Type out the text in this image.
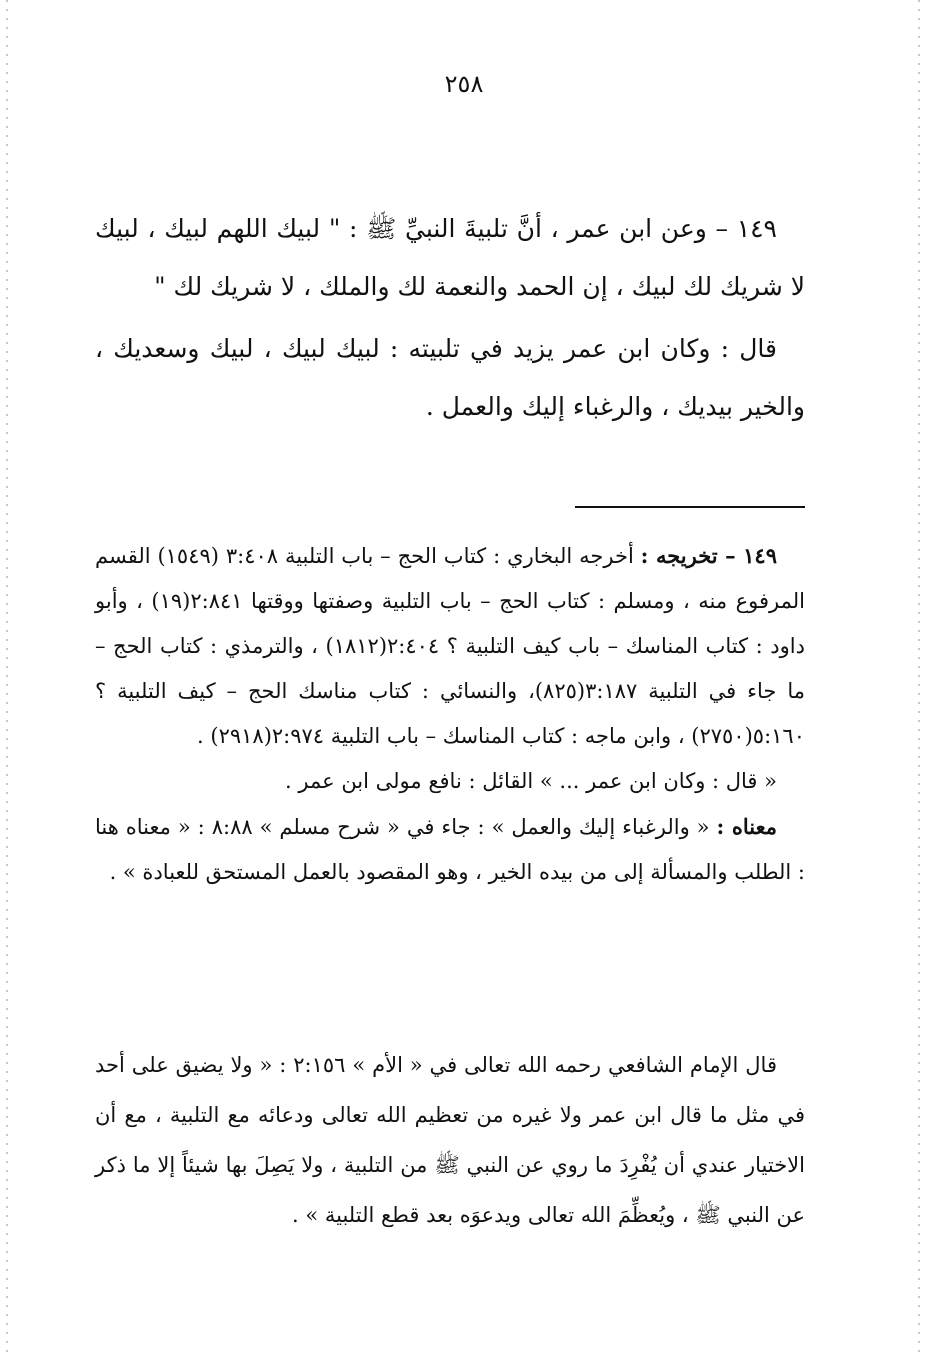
٢٥٨

١٤٩ – وعن ابن عمر ، أنَّ تلبيةَ النبيِّ ﷺ : " لبيك اللهم لبيك ، لبيك لا شريك لك لبيك ، إن الحمد والنعمة لك والملك ، لا شريك لك "

قال : وكان ابن عمر يزيد في تلبيته : لبيك لبيك ، لبيك وسعديك ، والخير بيديك ، والرغباء إليك والعمل .

١٤٩ – تخريجه : أخرجه البخاري : كتاب الحج – باب التلبية ٣:٤٠٨ (١٥٤٩) القسم المرفوع منه ، ومسلم : كتاب الحج – باب التلبية وصفتها ووقتها ٢:٨٤١(١٩) ، وأبو داود : كتاب المناسك – باب كيف التلبية ؟ ٢:٤٠٤(١٨١٢) ، والترمذي : كتاب الحج – ما جاء في التلبية ٣:١٨٧(٨٢٥)، والنسائي : كتاب مناسك الحج – كيف التلبية ؟ ٥:١٦٠(٢٧٥٠) ، وابن ماجه : كتاب المناسك – باب التلبية ٢:٩٧٤(٢٩١٨) .

« قال : وكان ابن عمر ... » القائل : نافع مولى ابن عمر .

معناه : « والرغباء إليك والعمل » : جاء في « شرح مسلم » ٨:٨٨ : « معناه هنا : الطلب والمسألة إلى من بيده الخير ، وهو المقصود بالعمل المستحق للعبادة » .

قال الإمام الشافعي رحمه الله تعالى في « الأم » ٢:١٥٦ : « ولا يضيق على أحد في مثل ما قال ابن عمر ولا غيره من تعظيم الله تعالى ودعائه مع التلبية ، مع أن الاختيار عندي أن يُفْرِدَ ما روي عن النبي ﷺ من التلبية ، ولا يَصِلَ بها شيئاً إلا ما ذكر عن النبي ﷺ ، ويُعظِّمَ الله تعالى ويدعوَه بعد قطع التلبية » .
